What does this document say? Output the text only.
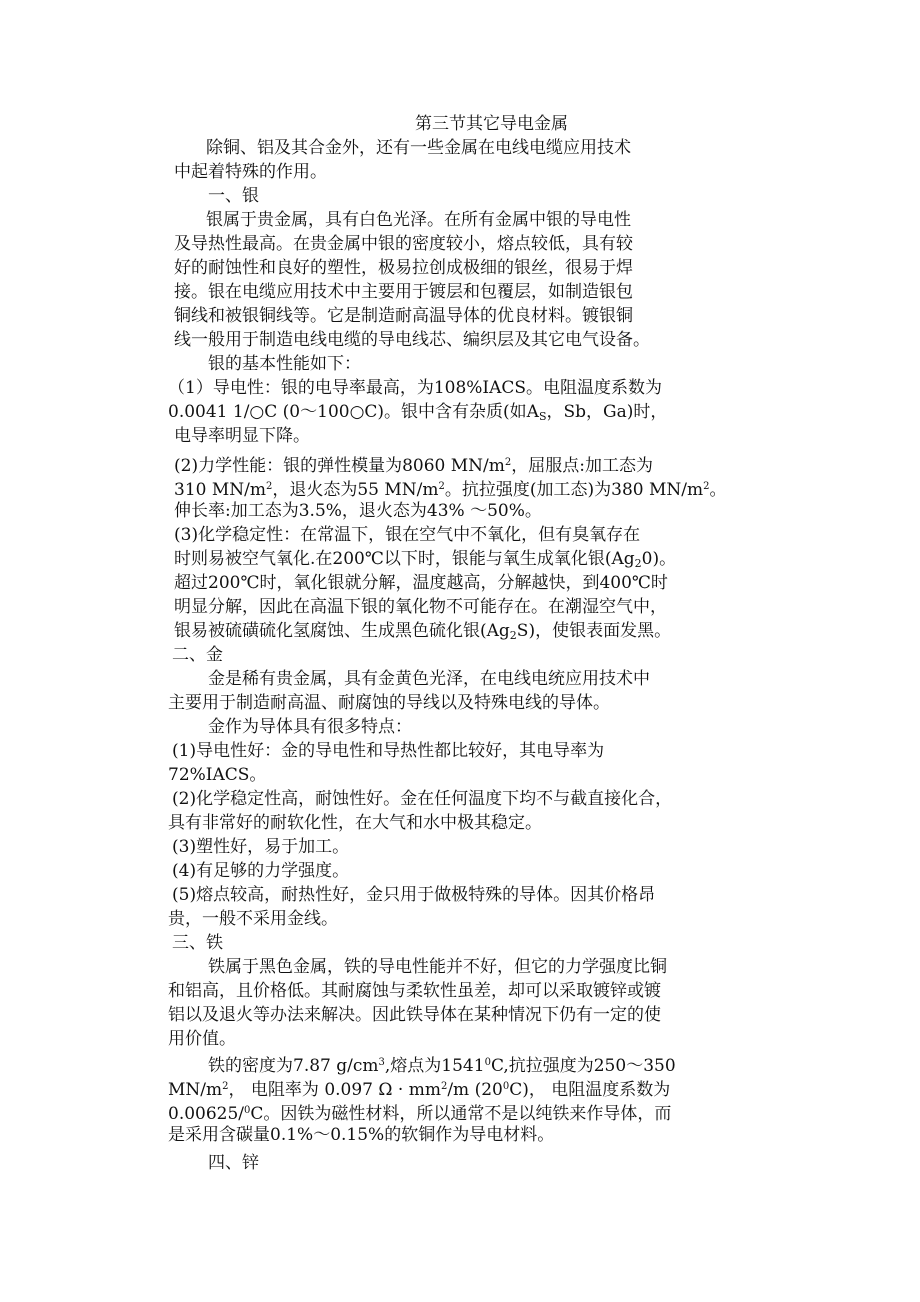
第三节其它导电金属
除铜、铝及其合金外，还有一些金属在电线电缆应用技术
中起着特殊的作用。
一、银
银属于贵金属，具有白色光泽。在所有金属中银的导电性
及导热性最高。在贵金属中银的密度较小，熔点较低，具有较
好的耐蚀性和良好的塑性，极易拉创成极细的银丝，很易于焊
接。银在电缆应用技术中主要用于镀层和包覆层，如制造银包
铜线和被银铜线等。它是制造耐高温导体的优良材料。镀银铜
线一般用于制造电线电缆的导电线芯、编织层及其它电气设备。
银的基本性能如下：
（1）导电性：银的电导率最高，为108%IACS。电阻温度系数为
0.0041 1/○C (0～100○C)。银中含有杂质(如$A_S$，Sb，Ga)时，
电导率明显下降。
(2)力学性能：银的弹性模量为8060 $MN/m^2$，屈服点:加工态为
310 $MN/m^2$，退火态为55 $MN/m^2$。抗拉强度(加工态)为380 $MN/m^2$。
伸长率:加工态为3.5%，退火态为43% ～50%。
(3)化学稳定性：在常温下，银在空气中不氧化，但有臭氧存在
时则易被空气氧化.在200℃以下时，银能与氧生成氧化银$(Ag_20)$。
超过200℃时，氧化银就分解，温度越高，分解越快，到400℃时
明显分解，因此在高温下银的氧化物不可能存在。在潮湿空气中，
银易被硫磺硫化氢腐蚀、生成黑色硫化银$(Ag_2S)$，使银表面发黑。
二、金
金是稀有贵金属，具有金黄色光泽，在电线电统应用技术中
主要用于制造耐高温、耐腐蚀的导线以及特殊电线的导体。
金作为导体具有很多特点：
(1)导电性好：金的导电性和导热性都比较好，其电导率为
72%IACS。
(2)化学稳定性高，耐蚀性好。金在任何温度下均不与截直接化合，
具有非常好的耐软化性，在大气和水中极其稳定。
(3)塑性好，易于加工。
(4)有足够的力学强度。
(5)熔点较高，耐热性好，金只用于做极特殊的导体。因其价格昂
贵，一般不采用金线。
三、铁
铁属于黑色金属，铁的导电性能并不好，但它的力学强度比铜
和铝高，且价格低。其耐腐蚀与柔软性虽差，却可以采取镀锌或镀
铝以及退火等办法来解决。因此铁导体在某种情况下仍有一定的使
用价值。
铁的密度为7.87 $g/cm^3$,熔点为1541$^0$C,抗拉强度为250～350
$MN/m^2$， 电阻率为 0.097 $\Omega \cdot mm^2/m$ $(20^0C)$， 电阻温度系数为
0.00625/$^0$C。因铁为磁性材料，所以通常不是以纯铁来作导体，而
是采用含碳量0.1%～0.15%的软铜作为导电材料。
四、锌
